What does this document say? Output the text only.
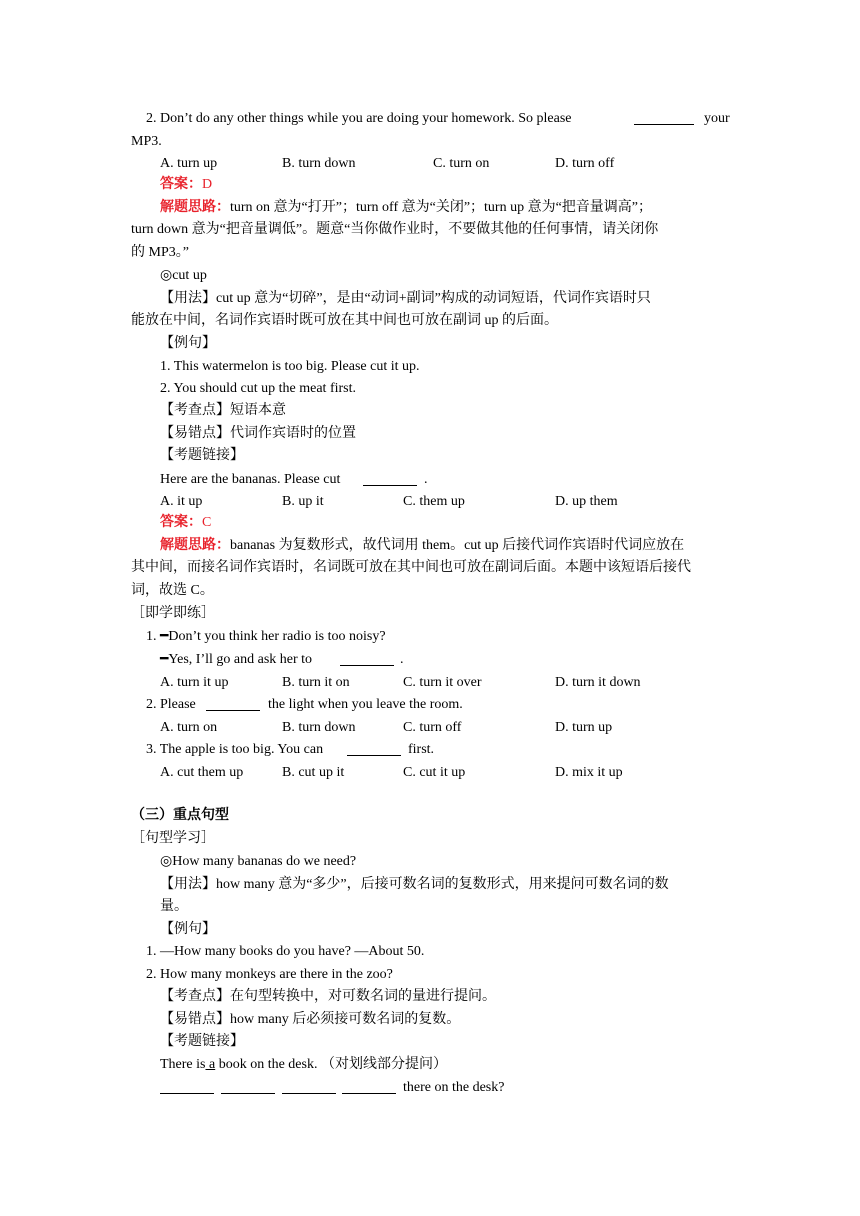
2. Don’t do any other things while you are doing your homework. So please	your
MP3.
A. turn up	B. turn down	C. turn on	D. turn off
答案：D
解题思路：turn on 意为“打开”；turn off 意为“关闭”；turn up 意为“把音量调高”；
turn down 意为“把音量调低”。题意“当你做作业时，不要做其他的任何事情，请关闭你
的 MP3。”
◎cut up
【用法】cut up 意为“切碎”，是由“动词+副词”构成的动词短语，代词作宾语时只
能放在中间，名词作宾语时既可放在其中间也可放在副词 up 的后面。
【例句】
1. This watermelon is too big. Please cut it up.
2. You should cut up the meat first.
【考查点】短语本意
【易错点】代词作宾语时的位置
【考题链接】
Here are the bananas. Please cut	.
A. it up	B. up it	C. them up	D. up them
答案：C
解题思路：bananas 为复数形式，故代词用 them。cut up 后接代词作宾语时代词应放在
其中间，而接名词作宾语时，名词既可放在其中间也可放在副词后面。本题中该短语后接代
词，故选 C。
［即学即练］
1. ━Don’t you think her radio is too noisy?
━Yes, I’ll go and ask her to	.
A. turn it up	B. turn it on	C. turn it over	D. turn it down
2. Please	the light when you leave the room.
A. turn on	B. turn down	C. turn off	D. turn up
3. The apple is too big. You can	first.
A. cut them up	B. cut up it	C. cut it up	D. mix it up
（三）重点句型
［句型学习］
◎How many bananas do we need?
【用法】how many 意为“多少”，后接可数名词的复数形式，用来提问可数名词的数
量。
【例句】
1. —How many books do you have? —About 50.
2. How many monkeys are there in the zoo?
【考查点】在句型转换中，对可数名词的量进行提问。
【易错点】how many 后必须接可数名词的复数。
【考题链接】
There is a book on the desk. （对划线部分提问）
there on the desk?
